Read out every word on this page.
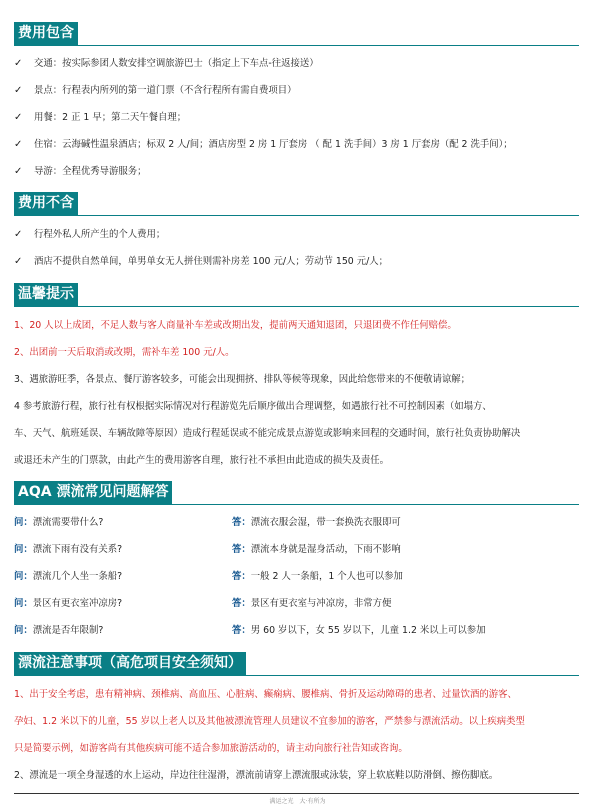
费用包含
✓ 交通：按实际参团人数安排空调旅游巴士（指定上下车点-往返接送）
✓ 景点：行程表内所列的第一道门票（不含行程所有需自费项目）
✓ 用餐：2 正 1 早；第二天午餐自理；
✓ 住宿：云海碱性温泉酒店；标双 2 人/间；酒店房型 2 房 1 厅套房 （ 配 1 洗手间）3 房 1 厅套房（配 2 洗手间）；
✓ 导游：全程优秀导游服务；
费用不含
✓ 行程外私人所产生的个人费用；
✓ 酒店不提供自然单间，单男单女无人拼住则需补房差 100 元/人；劳动节 150 元/人；
温馨提示
1、20 人以上成团，不足人数与客人商量补车差或改期出发，提前两天通知退团，只退团费不作任何赔偿。
2、出团前一天后取消或改期，需补车差 100 元/人。
3、遇旅游旺季，各景点、餐厅游客较多，可能会出现拥挤、排队等候等现象，因此给您带来的不便敬请谅解；
4 参考旅游行程，旅行社有权根据实际情况对行程游览先后顺序做出合理调整，如遇旅行社不可控制因素（如塌方、
车、天气、航班延误、车辆故障等原因）造成行程延误或不能完成景点游览或影响来回程的交通时间，旅行社负责协助解决
或退还未产生的门票款，由此产生的费用游客自理，旅行社不承担由此造成的损失及责任。
AQA 漂流常见问题解答
问：漂流需要带什么?	答：漂流衣服会湿，带一套换洗衣服即可
问：漂流下雨有没有关系?	答：漂流本身就是湿身活动，下雨不影响
问：漂流几个人坐一条船?	答：一般 2 人一条船，1 个人也可以参加
问：景区有更衣室冲凉房?	答：景区有更衣室与冲凉房，非常方便
问：漂流是否年限制?	答：男 60 岁以下，女 55 岁以下，儿童 1.2 米以上可以参加
漂流注意事项（高危项目安全须知）
1、出于安全考虑，患有精神病、颈椎病、高血压、心脏病、癫痫病、腰椎病、骨折及运动障碍的患者、过量饮酒的游客、
孕妇、1.2 米以下的儿童，55 岁以上老人以及其他被漂流管理人员建议不宜参加的游客，严禁参与漂流活动。以上疾病类型
只是简要示例，如游客尚有其他疾病可能不适合参加旅游活动的，请主动向旅行社告知或咨询。
2、漂流是一项全身湿透的水上运动，岸边往往湿滑，漂流前请穿上漂流服或泳装，穿上软底鞋以防滑倒、擦伤脚底。
满运之光　大·有所为
